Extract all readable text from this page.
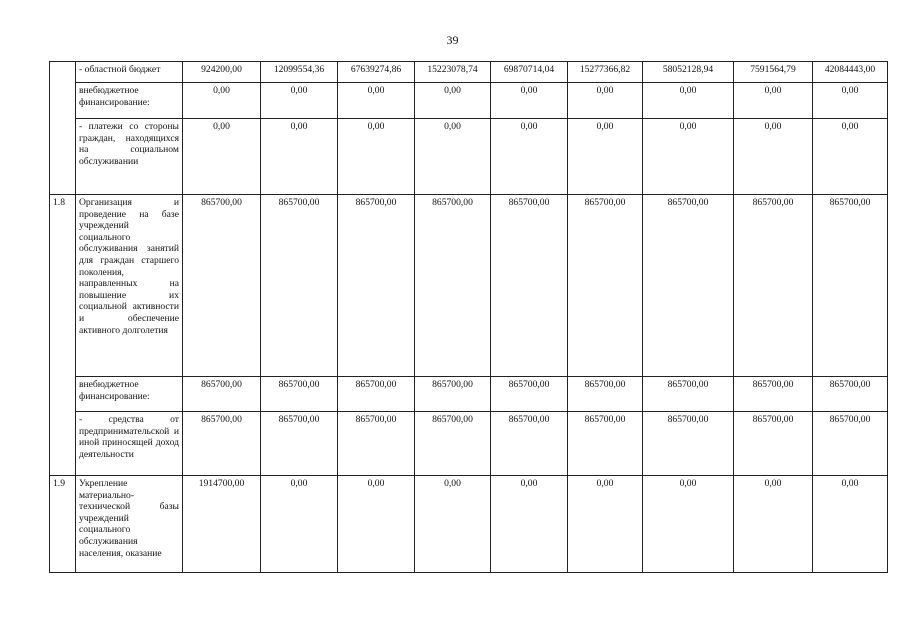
39
	- областной бюджет	924200,00	12099554,36	67639274,86	15223078,74	69870714,04	15277366,82	58052128,94	7591564,79	42084443,00
	внебюджетное финансирование:	0,00	0,00	0,00	0,00	0,00	0,00	0,00	0,00	0,00
	- платежи со стороны граждан, находящихся на социальном обслуживании	0,00	0,00	0,00	0,00	0,00	0,00	0,00	0,00	0,00
1.8	Организация и проведение на базе учреждений социального обслуживания занятий для граждан старшего поколения, направленных на повышение их социальной активности и обеспечение активного долголетия	865700,00	865700,00	865700,00	865700,00	865700,00	865700,00	865700,00	865700,00	865700,00
	внебюджетное финансирование:	865700,00	865700,00	865700,00	865700,00	865700,00	865700,00	865700,00	865700,00	865700,00
	- средства от предпринимательской и иной приносящей доход деятельности	865700,00	865700,00	865700,00	865700,00	865700,00	865700,00	865700,00	865700,00	865700,00
1.9	Укрепление материально-технической базы учреждений социального обслуживания населения, оказание	1914700,00	0,00	0,00	0,00	0,00	0,00	0,00	0,00	0,00
